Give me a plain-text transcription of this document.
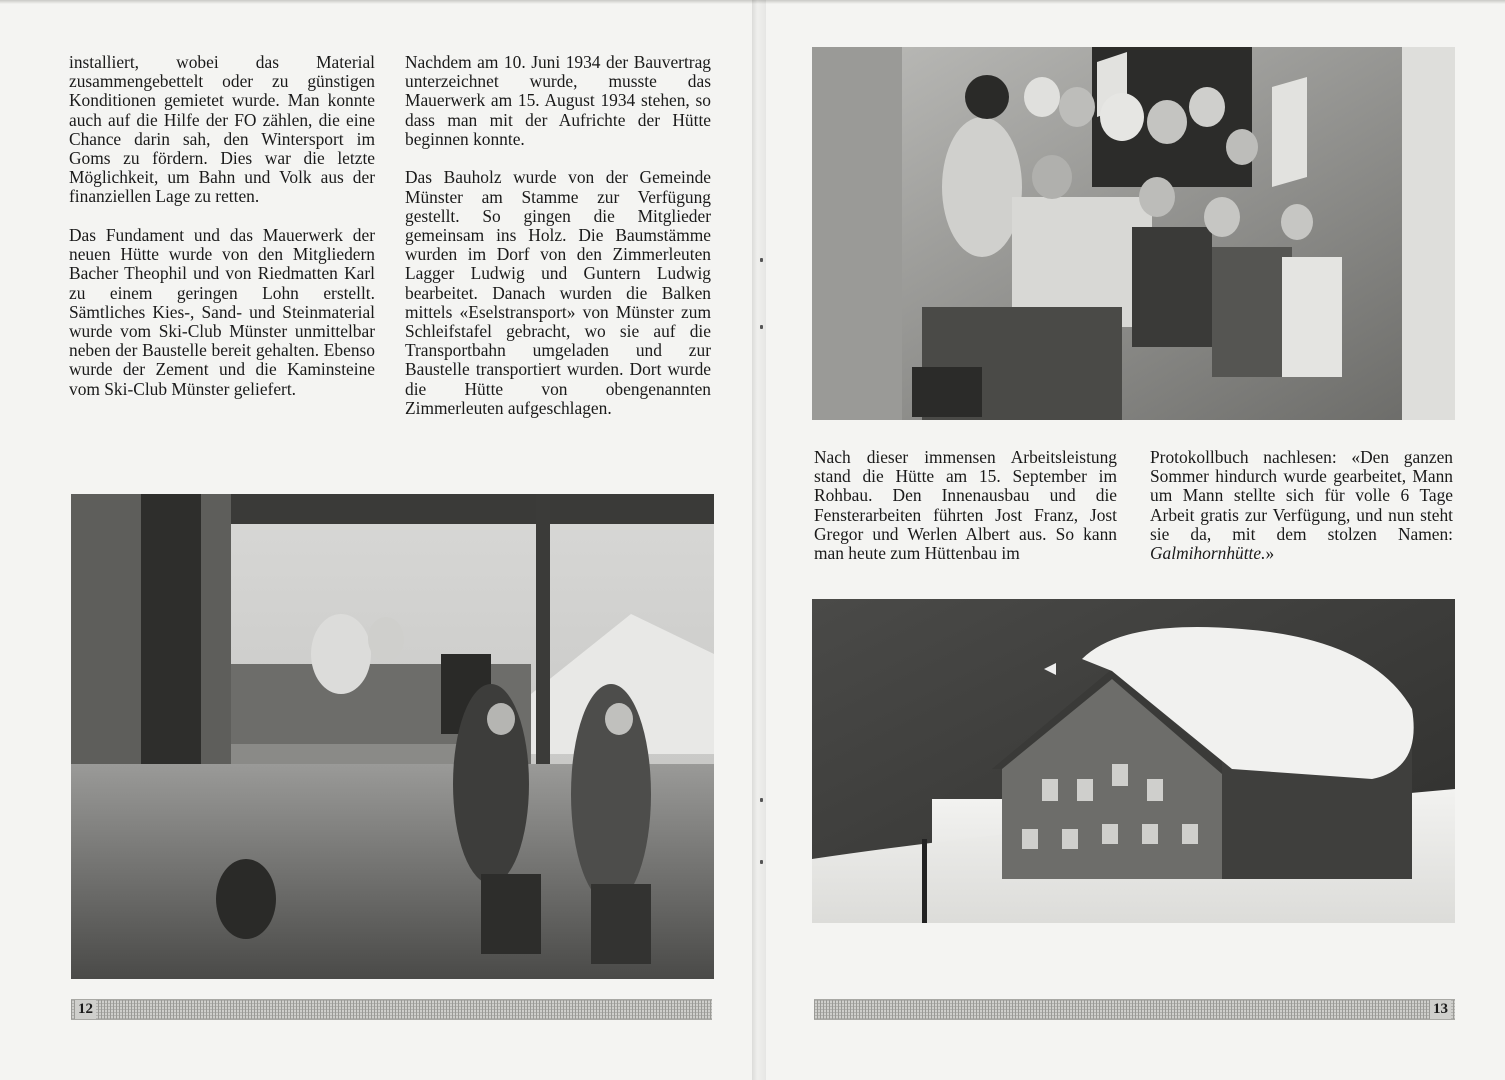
installiert, wobei das Material zusammengebettelt oder zu günstigen Konditionen gemietet wurde. Man konnte auch auf die Hilfe der FO zählen, die eine Chance darin sah, den Wintersport im Goms zu fördern. Dies war die letzte Möglichkeit, um Bahn und Volk aus der finanziellen Lage zu retten.

Das Fundament und das Mauerwerk der neuen Hütte wurde von den Mitgliedern Bacher Theophil und von Riedmatten Karl zu einem geringen Lohn erstellt. Sämtliches Kies-, Sand- und Steinmaterial wurde vom Ski-Club Münster unmittelbar neben der Baustelle bereit gehalten. Ebenso wurde der Zement und die Kaminsteine vom Ski-Club Münster geliefert.

Nachdem am 10. Juni 1934 der Bauvertrag unterzeichnet wurde, musste das Mauerwerk am 15. August 1934 stehen, so dass man mit der Aufrichte der Hütte beginnen konnte.

Das Bauholz wurde von der Gemeinde Münster am Stamme zur Verfügung gestellt. So gingen die Mitglieder gemeinsam ins Holz. Die Baumstämme wurden im Dorf von den Zimmerleuten Lagger Ludwig und Guntern Ludwig bearbeitet. Danach wurden die Balken mittels «Eselstransport» von Münster zum Schleifstafel gebracht, wo sie auf die Transportbahn umgeladen und zur Baustelle transportiert wurden. Dort wurde die Hütte von obengenannten Zimmerleuten aufgeschlagen.

12

Nach dieser immensen Arbeitsleistung stand die Hütte am 15. September im Rohbau. Den Innenausbau und die Fensterarbeiten führten Jost Franz, Jost Gregor und Werlen Albert aus. So kann man heute zum Hüttenbau im

Protokollbuch nachlesen: «Den ganzen Sommer hindurch wurde gearbeitet, Mann um Mann stellte sich für volle 6 Tage Arbeit gratis zur Verfügung, und nun steht sie da, mit dem stolzen Namen: Galmihornhütte.»

13
